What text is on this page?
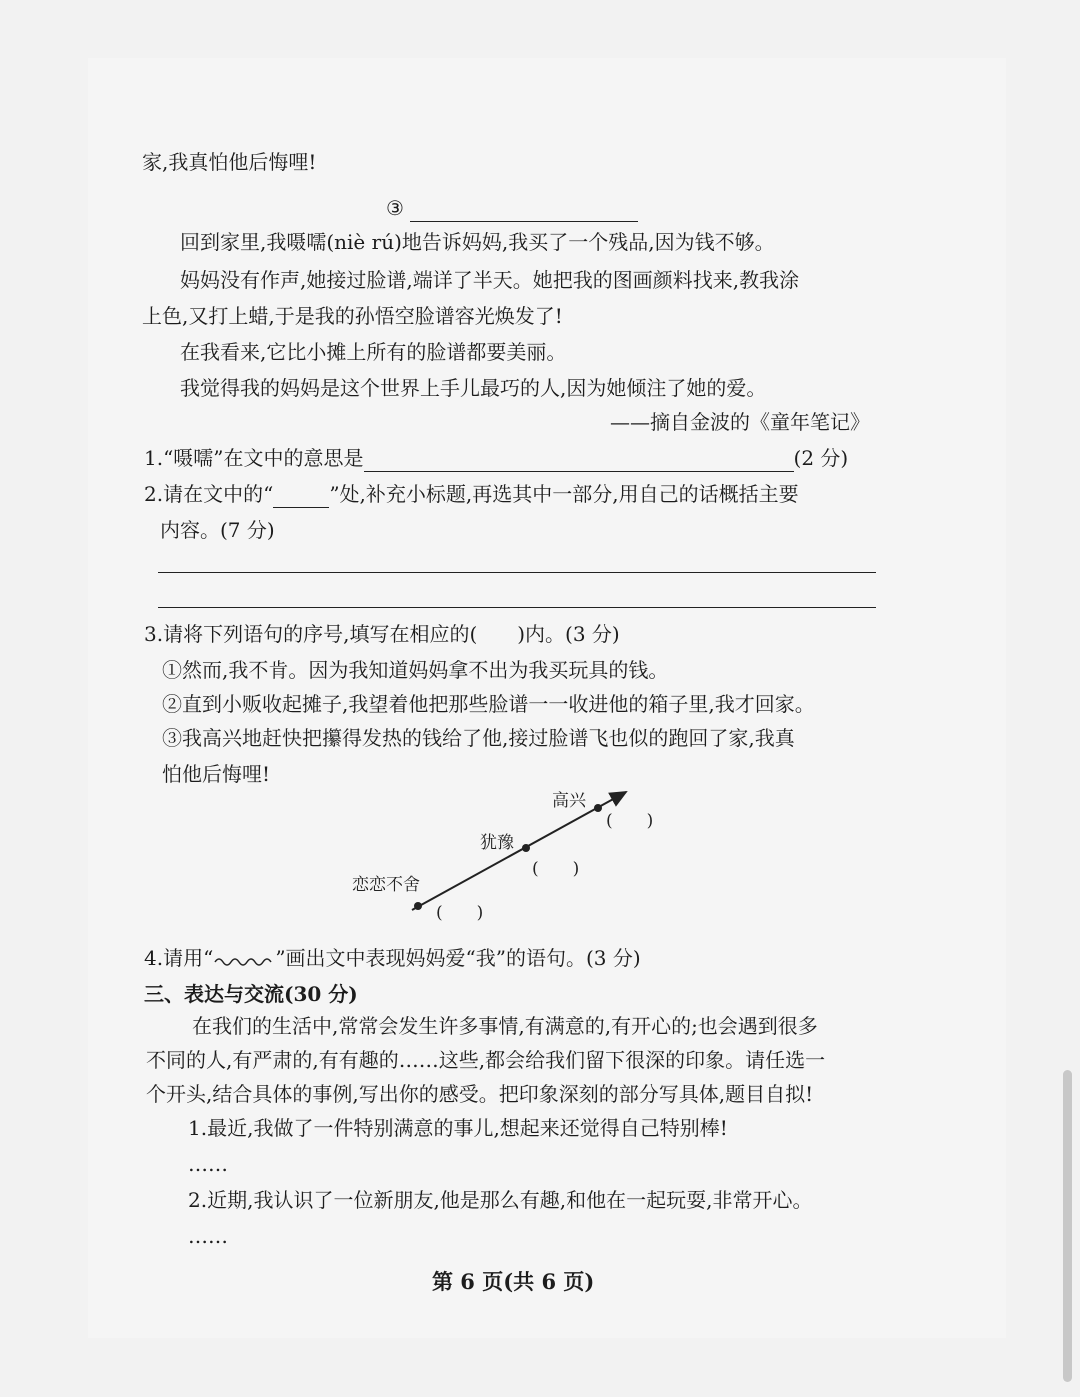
家,我真怕他后悔哩!
③
回到家里,我嗫嚅(niè rú)地告诉妈妈,我买了一个残品,因为钱不够。
妈妈没有作声,她接过脸谱,端详了半天。她把我的图画颜料找来,教我涂
上色,又打上蜡,于是我的孙悟空脸谱容光焕发了!
在我看来,它比小摊上所有的脸谱都要美丽。
我觉得我的妈妈是这个世界上手儿最巧的人,因为她倾注了她的爱。
——摘自金波的《童年笔记》
1.“嗫嚅”在文中的意思是	(2 分)
2.请在文中的“	”处,补充小标题,再选其中一部分,用自己的话概括主要
内容。(7 分)
3.请将下列语句的序号,填写在相应的(　　)内。(3 分)
①然而,我不肯。因为我知道妈妈拿不出为我买玩具的钱。
②直到小贩收起摊子,我望着他把那些脸谱一一收进他的箱子里,我才回家。
③我高兴地赶快把攥得发热的钱给了他,接过脸谱飞也似的跑回了家,我真
怕他后悔哩!
高兴
犹豫
恋恋不舍
(　　)
(　　)
(　　)
4.请用“	”画出文中表现妈妈爱“我”的语句。(3 分)
三、表达与交流(30 分)
在我们的生活中,常常会发生许多事情,有满意的,有开心的;也会遇到很多
不同的人,有严肃的,有有趣的……这些,都会给我们留下很深的印象。请任选一
个开头,结合具体的事例,写出你的感受。把印象深刻的部分写具体,题目自拟!
1.最近,我做了一件特别满意的事儿,想起来还觉得自己特别棒!
……
2.近期,我认识了一位新朋友,他是那么有趣,和他在一起玩耍,非常开心。
……
第 6 页(共 6 页)
